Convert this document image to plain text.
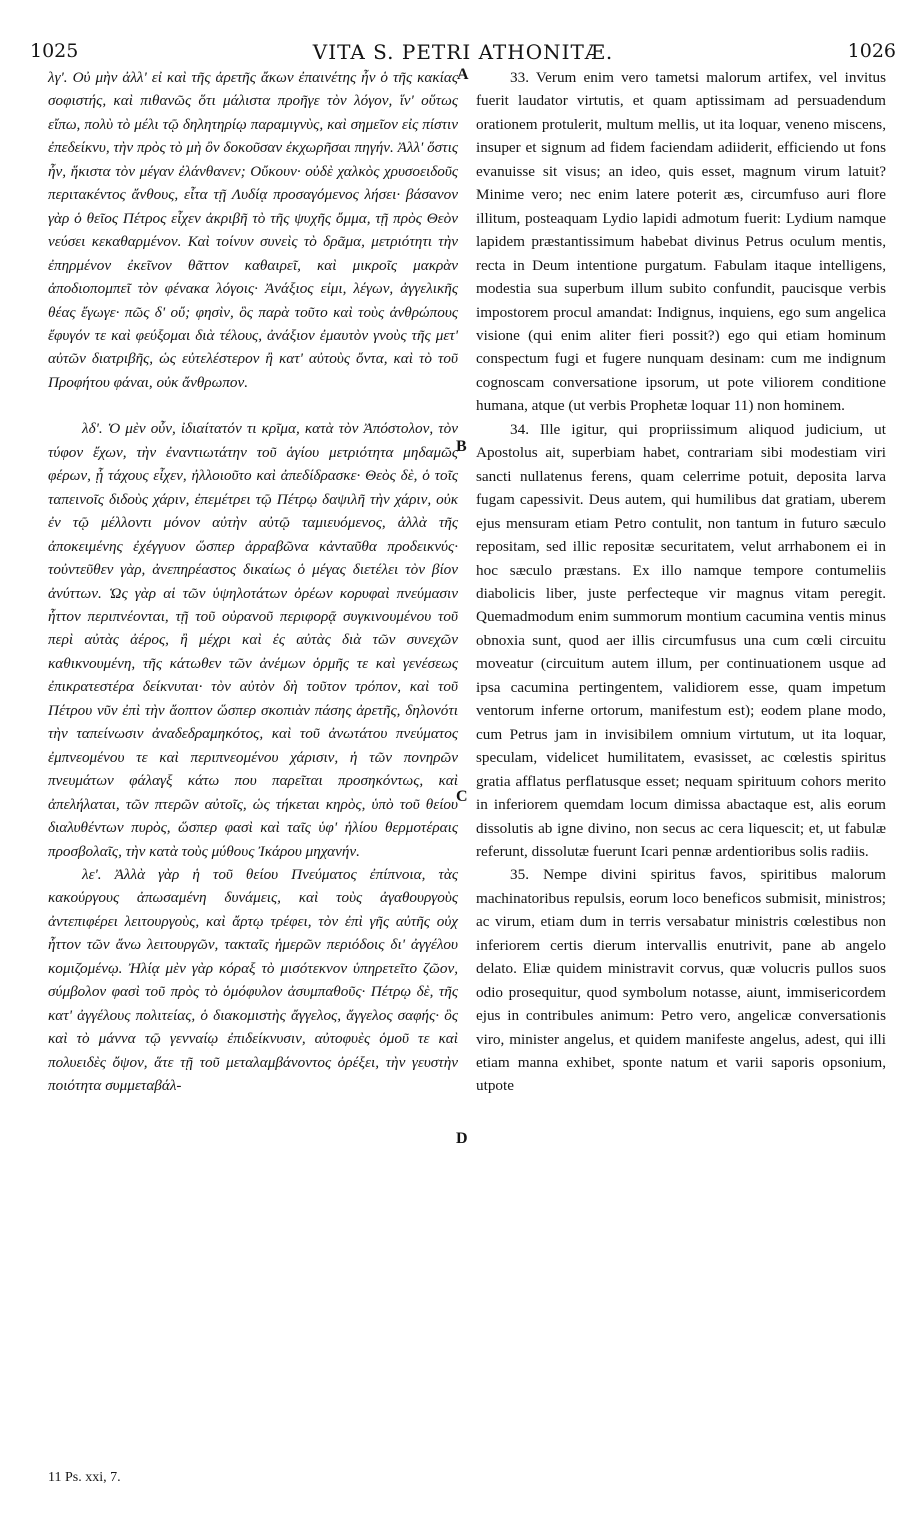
1025	VITA S. PETRI ATHONITÆ.	1026

λγʹ. Οὐ μὴν ἀλλ' εἰ καὶ τῆς ἀρετῆς ἄκων ἐπαινέτης ἦν ὁ τῆς κακίας σοφιστής, καὶ πιθανῶς ὅτι μάλιστα προῆγε τὸν λόγον, ἵν' οὕτως εἴπω, πολὺ τὸ μέλι τῷ δηλητηρίῳ παραμιγνὺς, καὶ σημεῖον εἰς πίστιν ἐπεδείκνυ, τὴν πρὸς τὸ μὴ ὂν δοκοῦσαν ἐκχωρῆσαι πηγήν. Ἀλλ' ὅστις ἦν, ἥκιστα τὸν μέγαν ἐλάνθανεν; Οὔκουν· οὐδὲ χαλκὸς χρυσοειδοῦς περιτακέντος ἄνθους, εἶτα τῇ Λυδίᾳ προσαγόμενος λήσει· βάσανον γὰρ ὁ θεῖος Πέτρος εἶχεν ἀκριβῆ τὸ τῆς ψυχῆς ὄμμα, τῇ πρὸς Θεὸν νεύσει κεκαθαρμένον. Καὶ τοίνυν συνεὶς τὸ δρᾶμα, μετριότητι τὴν ἐπηρμένον ἐκεῖνον θᾶττον καθαιρεῖ, καὶ μικροῖς μακρὰν ἀποδιοπομπεῖ τὸν φένακα λόγοις· Ἀνάξιος εἰμι, λέγων, ἀγγελικῆς θέας ἔγωγε· πῶς δ' οὔ; φησὶν, ὃς παρὰ τοῦτο καὶ τοὺς ἀνθρώπους ἔφυγόν τε καὶ φεύξομαι διὰ τέλους, ἀνάξιον ἐμαυτὸν γνοὺς τῆς μετ' αὐτῶν διατριβῆς, ὡς εὐτελέστερον ἢ κατ' αὐτοὺς ὄντα, καὶ τὸ τοῦ Προφήτου φάναι, οὐκ ἄνθρωπον.

λδʹ. Ὁ μὲν οὖν, ἰδιαίτατόν τι κρῖμα, κατὰ τὸν Ἀπόστολον, τὸν τύφον ἔχων, τὴν ἐναντιωτάτην τοῦ ἁγίου μετριότητα μηδαμῶς φέρων, ᾗ τάχους εἶχεν, ἠλλοιοῦτο καὶ ἀπεδίδρασκε· Θεὸς δὲ, ὁ τοῖς ταπεινοῖς διδοὺς χάριν, ἐπεμέτρει τῷ Πέτρῳ δαψιλῆ τὴν χάριν, οὐκ ἐν τῷ μέλλοντι μόνον αὐτὴν αὐτῷ ταμιευόμενος, ἀλλὰ τῆς ἀποκειμένης ἐχέγγυον ὥσπερ ἀρραβῶνα κἀνταῦθα προδεικνύς· τοὐντεῦθεν γὰρ, ἀνεπηρέαστος δικαίως ὁ μέγας διετέλει τὸν βίον ἀνύττων. Ὡς γὰρ αἱ τῶν ὑψηλοτάτων ὀρέων κορυφαὶ πνεύμασιν ἧττον περιπνέονται, τῇ τοῦ οὐρανοῦ περιφορᾷ συγκινουμένου τοῦ περὶ αὐτὰς ἀέρος, ἢ μέχρι καὶ ἐς αὐτὰς διὰ τῶν συνεχῶν καθικνουμένη, τῆς κάτωθεν τῶν ἀνέμων ὁρμῆς τε καὶ γενέσεως ἐπικρατεστέρα δείκνυται· τὸν αὐτὸν δὴ τοῦτον τρόπον, καὶ τοῦ Πέτρου νῦν ἐπὶ τὴν ἄοπτον ὥσπερ σκοπιὰν πάσης ἀρετῆς, δηλονότι τὴν ταπείνωσιν ἀναδεδραμηκότος, καὶ τοῦ ἀνωτάτου πνεύματος ἐμπνεομένου τε καὶ περιπνεομένου χάρισιν, ἡ τῶν πονηρῶν πνευμάτων φάλαγξ κάτω που παρεῖται προσηκόντως, καὶ ἀπελήλαται, τῶν πτερῶν αὐτοῖς, ὡς τήκεται κηρὸς, ὑπὸ τοῦ θείου διαλυθέντων πυρὸς, ὥσπερ φασὶ καὶ ταῖς ὑφ' ἡλίου θερμοτέραις προσβολαῖς, τὴν κατὰ τοὺς μύθους Ἰκάρου μηχανήν.

λεʹ. Ἀλλὰ γὰρ ἡ τοῦ θείου Πνεύματος ἐπίπνοια, τὰς κακούργους ἀπωσαμένη δυνάμεις, καὶ τοὺς ἀγαθουργοὺς ἀντεπιφέρει λειτουργοὺς, καὶ ἄρτῳ τρέφει, τὸν ἐπὶ γῆς αὐτῆς οὐχ ἧττον τῶν ἄνω λειτουργῶν, τακταῖς ἡμερῶν περιόδοις δι' ἀγγέλου κομιζομένῳ. Ἠλίᾳ μὲν γὰρ κόραξ τὸ μισότεκνον ὑπηρετεῖτο ζῶον, σύμβολον φασὶ τοῦ πρὸς τὸ ὁμόφυλον ἀσυμπαθοῦς· Πέτρῳ δὲ, τῆς κατ' ἀγγέλους πολιτείας, ὁ διακομιστὴς ἄγγελος, ἄγγελος σαφής· ὃς καὶ τὸ μάννα τῷ γενναίῳ ἐπιδείκνυσιν, αὐτοφυὲς ὁμοῦ τε καὶ πολυειδὲς ὄψον, ἅτε τῇ τοῦ μεταλαμβάνοντος ὀρέξει, τὴν γευστὴν ποιότητα συμμεταβάλ-

33. Verum enim vero tametsi malorum artifex, vel invitus fuerit laudator virtutis, et quam aptissimam ad persuadendum orationem protulerit, multum mellis, ut ita loquar, veneno miscens, insuper et signum ad fidem faciendam adiiderit, efficiendo ut fons evanuisse sit visus; an ideo, quis esset, magnum virum latuit? Minime vero; nec enim latere poterit æs, circumfuso auri flore illitum, posteaquam Lydio lapidi admotum fuerit: Lydium namque lapidem præstantissimum habebat divinus Petrus oculum mentis, recta in Deum intentione purgatum. Fabulam itaque intelligens, modestia sua superbum illum subito confundit, paucisque verbis impostorem procul amandat: Indignus, inquiens, ego sum angelica visione (qui enim aliter fieri possit?) ego qui etiam hominum conspectum fugi et fugere nunquam desinam: cum me indignum cognoscam conversatione ipsorum, ut pote viliorem conditione humana, atque (ut verbis Prophetæ loquar 11) non hominem.

34. Ille igitur, qui propriissimum aliquod judicium, ut Apostolus ait, superbiam habet, contrariam sibi modestiam viri sancti nullatenus ferens, quam celerrime potuit, deposita larva fugam capessivit. Deus autem, qui humilibus dat gratiam, uberem ejus mensuram etiam Petro contulit, non tantum in futuro sæculo repositam, sed illic repositæ securitatem, velut arrhabonem ei in hoc sæculo præstans. Ex illo namque tempore contumeliis diabolicis liber, juste perfecteque vir magnus vitam peregit. Quemadmodum enim summorum montium cacumina ventis minus obnoxia sunt, quod aer illis circumfusus una cum cœli circuitu moveatur (circuitum autem illum, per continuationem usque ad ipsa cacumina pertingentem, validiorem esse, quam impetum ventorum inferne ortorum, manifestum est); eodem plane modo, cum Petrus jam in invisibilem omnium virtutum, ut ita loquar, speculam, videlicet humilitatem, evasisset, ac cœlestis spiritus gratia afflatus perflatusque esset; nequam spirituum cohors merito in inferiorem quemdam locum dimissa abactaque est, alis eorum dissolutis ab igne divino, non secus ac cera liquescit; et, ut fabulæ referunt, dissolutæ fuerunt Icari pennæ ardentioribus solis radiis.

35. Nempe divini spiritus favos, spiritibus malorum machinatoribus repulsis, eorum loco beneficos submisit, ministros; ac virum, etiam dum in terris versabatur ministris cœlestibus non inferiorem certis dierum intervallis enutrivit, pane ab angelo delato. Eliæ quidem ministravit corvus, quæ volucris pullos suos odio prosequitur, quod symbolum notasse, aiunt, immisericordem ejus in contribules animum: Petro vero, angelicæ conversationis viro, minister angelus, et quidem manifeste angelus, adest, qui illi etiam manna exhibet, sponte natum et varii saporis opsonium, utpote

A
B
C
D
11 Ps. xxi, 7.
